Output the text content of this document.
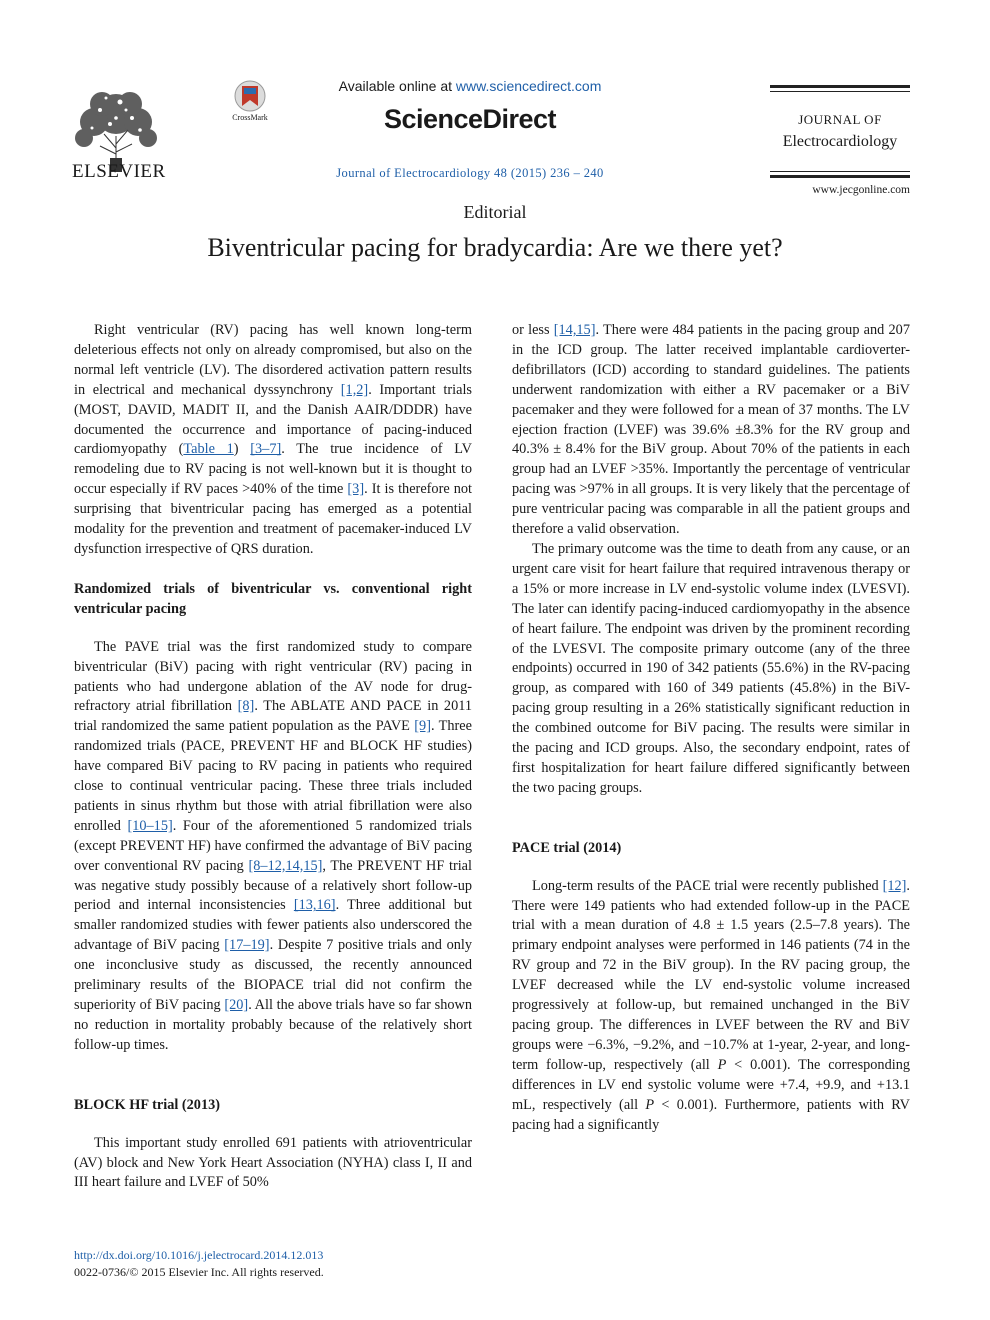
ELSEVIER
CrossMark
Available online at www.sciencedirect.com
ScienceDirect
Journal of Electrocardiology 48 (2015) 236 – 240
JOURNAL OF
Electrocardiology
www.jecgonline.com
Editorial
Biventricular pacing for bradycardia: Are we there yet?

Right ventricular (RV) pacing has well known long-term deleterious effects not only on already compromised, but also on the normal left ventricle (LV). The disordered activation pattern results in electrical and mechanical dyssynchrony [1,2]. Important trials (MOST, DAVID, MADIT II, and the Danish AAIR/DDDR) have documented the occurrence and importance of pacing-induced cardiomyopathy (Table 1) [3–7]. The true incidence of LV remodeling due to RV pacing is not well-known but it is thought to occur especially if RV paces >40% of the time [3]. It is therefore not surprising that biventricular pacing has emerged as a potential modality for the prevention and treatment of pacemaker-induced LV dysfunction irrespective of QRS duration.

Randomized trials of biventricular vs. conventional right ventricular pacing

The PAVE trial was the first randomized study to compare biventricular (BiV) pacing with right ventricular (RV) pacing in patients who had undergone ablation of the AV node for drug-refractory atrial fibrillation [8]. The ABLATE AND PACE in 2011 trial randomized the same patient population as the PAVE [9]. Three randomized trials (PACE, PREVENT HF and BLOCK HF studies) have compared BiV pacing to RV pacing in patients who required close to continual ventricular pacing. These three trials included patients in sinus rhythm but those with atrial fibrillation were also enrolled [10–15]. Four of the aforementioned 5 randomized trials (except PREVENT HF) have confirmed the advantage of BiV pacing over conventional RV pacing [8–12,14,15], The PREVENT HF trial was negative study possibly because of a relatively short follow-up period and internal inconsistencies [13,16]. Three additional but smaller randomized studies with fewer patients also underscored the advantage of BiV pacing [17–19]. Despite 7 positive trials and only one inconclusive study as discussed, the recently announced preliminary results of the BIOPACE trial did not confirm the superiority of BiV pacing [20]. All the above trials have so far shown no reduction in mortality probably because of the relatively short follow-up times.

BLOCK HF trial (2013)

This important study enrolled 691 patients with atrioventricular (AV) block and New York Heart Association (NYHA) class I, II and III heart failure and LVEF of 50%

or less [14,15]. There were 484 patients in the pacing group and 207 in the ICD group. The latter received implantable cardioverter-defibrillators (ICD) according to standard guidelines. The patients underwent randomization with either a RV pacemaker or a BiV pacemaker and they were followed for a mean of 37 months. The LV ejection fraction (LVEF) was 39.6% ±8.3% for the RV group and 40.3% ± 8.4% for the BiV group. About 70% of the patients in each group had an LVEF >35%. Importantly the percentage of ventricular pacing was >97% in all groups. It is very likely that the percentage of pure ventricular pacing was comparable in all the patient groups and therefore a valid observation.

The primary outcome was the time to death from any cause, or an urgent care visit for heart failure that required intravenous therapy or a 15% or more increase in LV end-systolic volume index (LVESVI). The later can identify pacing-induced cardiomyopathy in the absence of heart failure. The endpoint was driven by the prominent recording of the LVESVI. The composite primary outcome (any of the three endpoints) occurred in 190 of 342 patients (55.6%) in the RV-pacing group, as compared with 160 of 349 patients (45.8%) in the BiV-pacing group resulting in a 26% statistically significant reduction in the combined outcome for BiV pacing. The results were similar in the pacing and ICD groups. Also, the secondary endpoint, rates of first hospitalization for heart failure differed significantly between the two pacing groups.

PACE trial (2014)

Long-term results of the PACE trial were recently published [12]. There were 149 patients who had extended follow-up in the PACE trial with a mean duration of 4.8 ± 1.5 years (2.5–7.8 years). The primary endpoint analyses were performed in 146 patients (74 in the RV group and 72 in the BiV group). In the RV pacing group, the LVEF decreased while the LV end-systolic volume increased progressively at follow-up, but remained unchanged in the BiV pacing group. The differences in LVEF between the RV and BiV groups were −6.3%, −9.2%, and −10.7% at 1-year, 2-year, and long-term follow-up, respectively (all P < 0.001). The corresponding differences in LV end systolic volume were +7.4, +9.9, and +13.1 mL, respectively (all P < 0.001). Furthermore, patients with RV pacing had a significantly

http://dx.doi.org/10.1016/j.jelectrocard.2014.12.013
0022-0736/© 2015 Elsevier Inc. All rights reserved.
